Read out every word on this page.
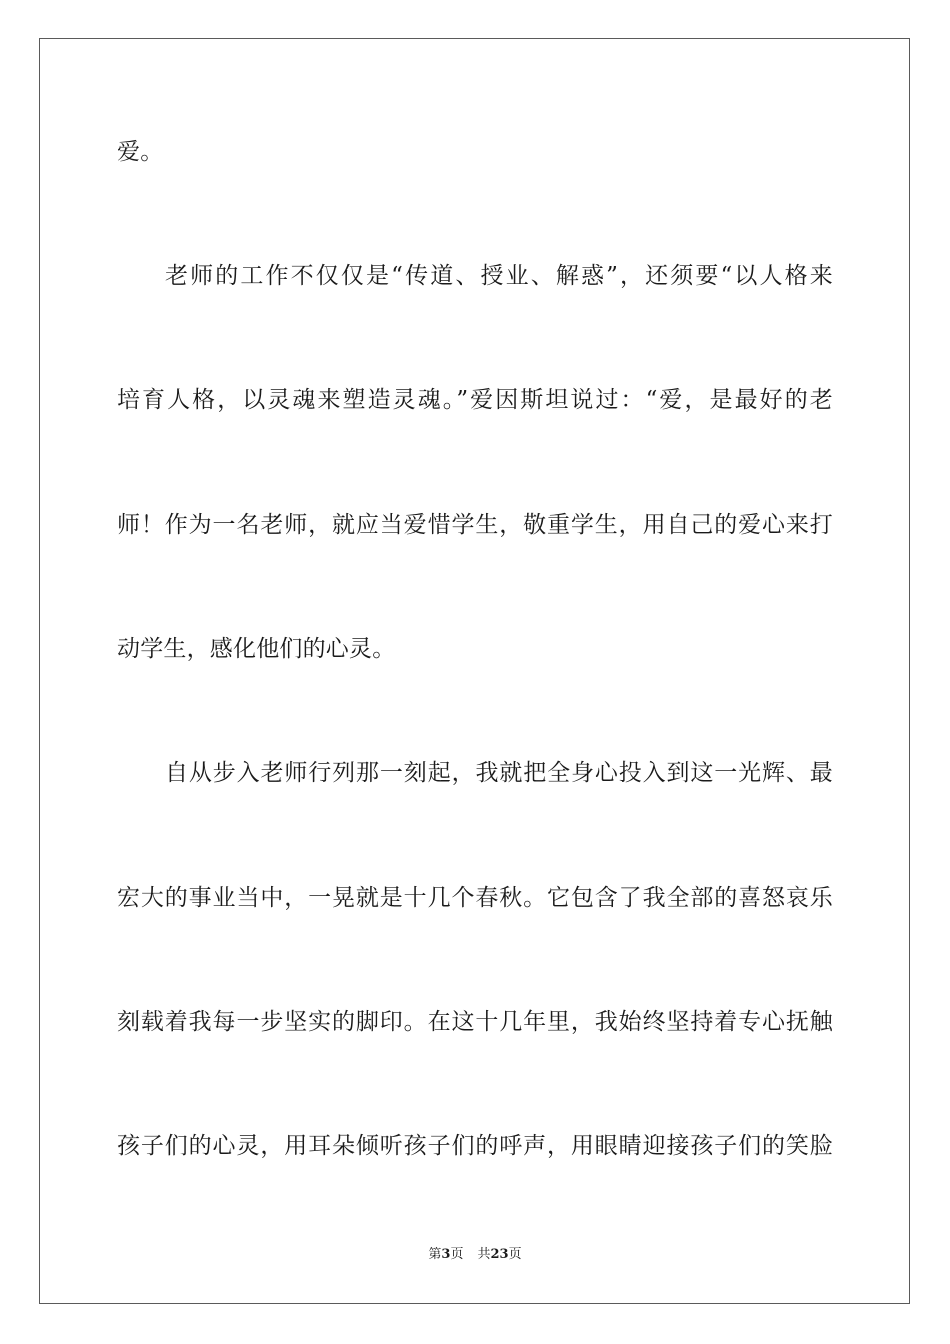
爱。
老师的工作不仅仅是“传道、授业、解惑”，还须要“以人格来
培育人格，以灵魂来塑造灵魂。”爱因斯坦说过：“爱，是最好的老
师！作为一名老师，就应当爱惜学生，敬重学生，用自己的爱心来打
动学生，感化他们的心灵。
自从步入老师行列那一刻起，我就把全身心投入到这一光辉、最
宏大的事业当中，一晃就是十几个春秋。它包含了我全部的喜怒哀乐
刻载着我每一步坚实的脚印。在这十几年里，我始终坚持着专心抚触
孩子们的心灵，用耳朵倾听孩子们的呼声，用眼睛迎接孩子们的笑脸
第3页 共23页
